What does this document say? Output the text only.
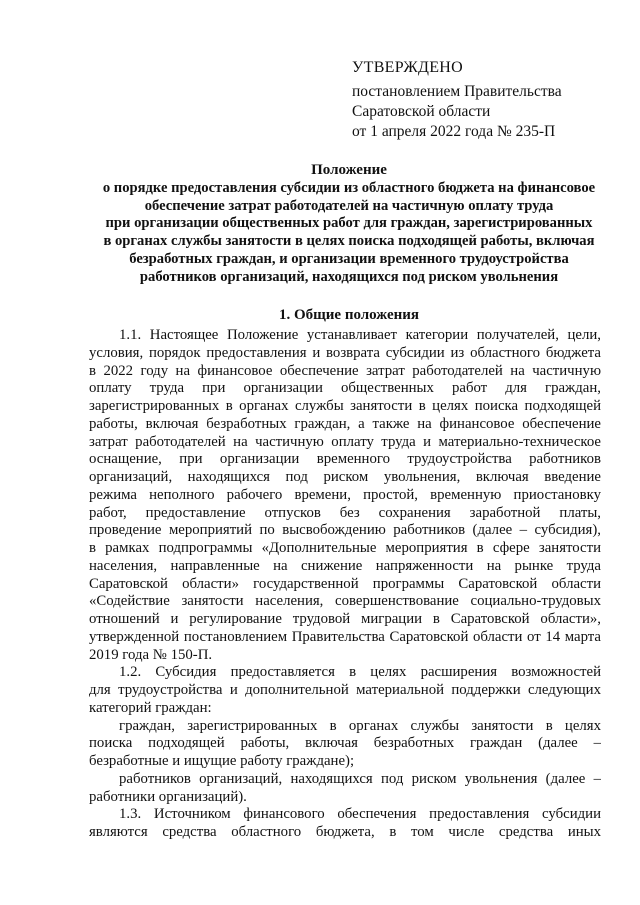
УТВЕРЖДЕНО
постановлением Правительства
Саратовской области
от 1 апреля 2022 года № 235-П
Положение
о порядке предоставления субсидии из областного бюджета на финансовое
обеспечение затрат работодателей на частичную оплату труда
при организации общественных работ для граждан, зарегистрированных
в органах службы занятости в целях поиска подходящей работы, включая
безработных граждан, и организации временного трудоустройства
работников организаций, находящихся под риском увольнения
1. Общие положения
1.1. Настоящее Положение устанавливает категории получателей, цели,
условия, порядок предоставления и возврата субсидии из областного бюджета
в 2022 году на финансовое обеспечение затрат работодателей на частичную
оплату труда при организации общественных работ для граждан,
зарегистрированных в органах службы занятости в целях поиска подходящей
работы, включая безработных граждан, а также на финансовое обеспечение
затрат работодателей на частичную оплату труда и материально-техническое
оснащение, при организации временного трудоустройства работников
организаций, находящихся под риском увольнения, включая введение
режима неполного рабочего времени, простой, временную приостановку
работ, предоставление отпусков без сохранения заработной платы,
проведение мероприятий по высвобождению работников (далее – субсидия),
в рамках подпрограммы «Дополнительные мероприятия в сфере занятости
населения, направленные на снижение напряженности на рынке труда
Саратовской области» государственной программы Саратовской области
«Содействие занятости населения, совершенствование социально-трудовых
отношений и регулирование трудовой миграции в Саратовской области»,
утвержденной постановлением Правительства Саратовской области от 14 марта
2019 года № 150-П.
1.2. Субсидия предоставляется в целях расширения возможностей
для трудоустройства и дополнительной материальной поддержки следующих
категорий граждан:
граждан, зарегистрированных в органах службы занятости в целях
поиска подходящей работы, включая безработных граждан (далее –
безработные и ищущие работу граждане);
работников организаций, находящихся под риском увольнения (далее –
работники организаций).
1.3. Источником финансового обеспечения предоставления субсидии
являются средства областного бюджета, в том числе средства иных
